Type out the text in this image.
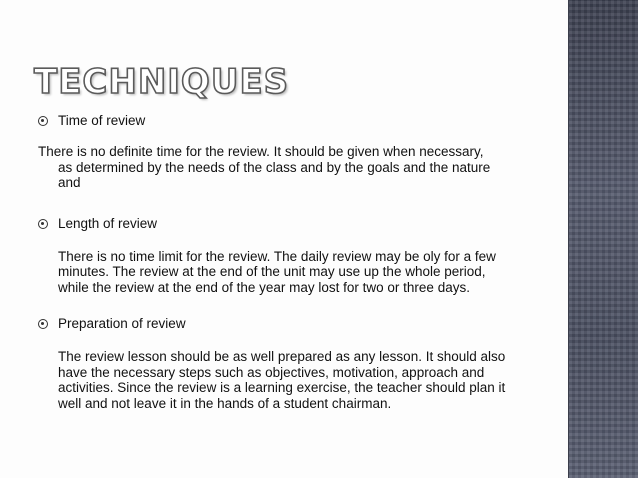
TECHNIQUES
Time of review
There is no definite time for the review. It should be given when necessary,
as determined by the needs of the class and by the goals and the nature
and
Length of review
There is no time limit for the review. The daily review may be oly for a few
minutes. The review at the end of the unit may use up the whole period,
while the review at the end of the year may lost for two or three days.
Preparation of review
The review lesson should be as well prepared as any lesson. It should also
have the necessary steps such as objectives, motivation, approach and
activities. Since the review is a learning exercise, the teacher should plan it
well and not leave it in the hands of a student chairman.
